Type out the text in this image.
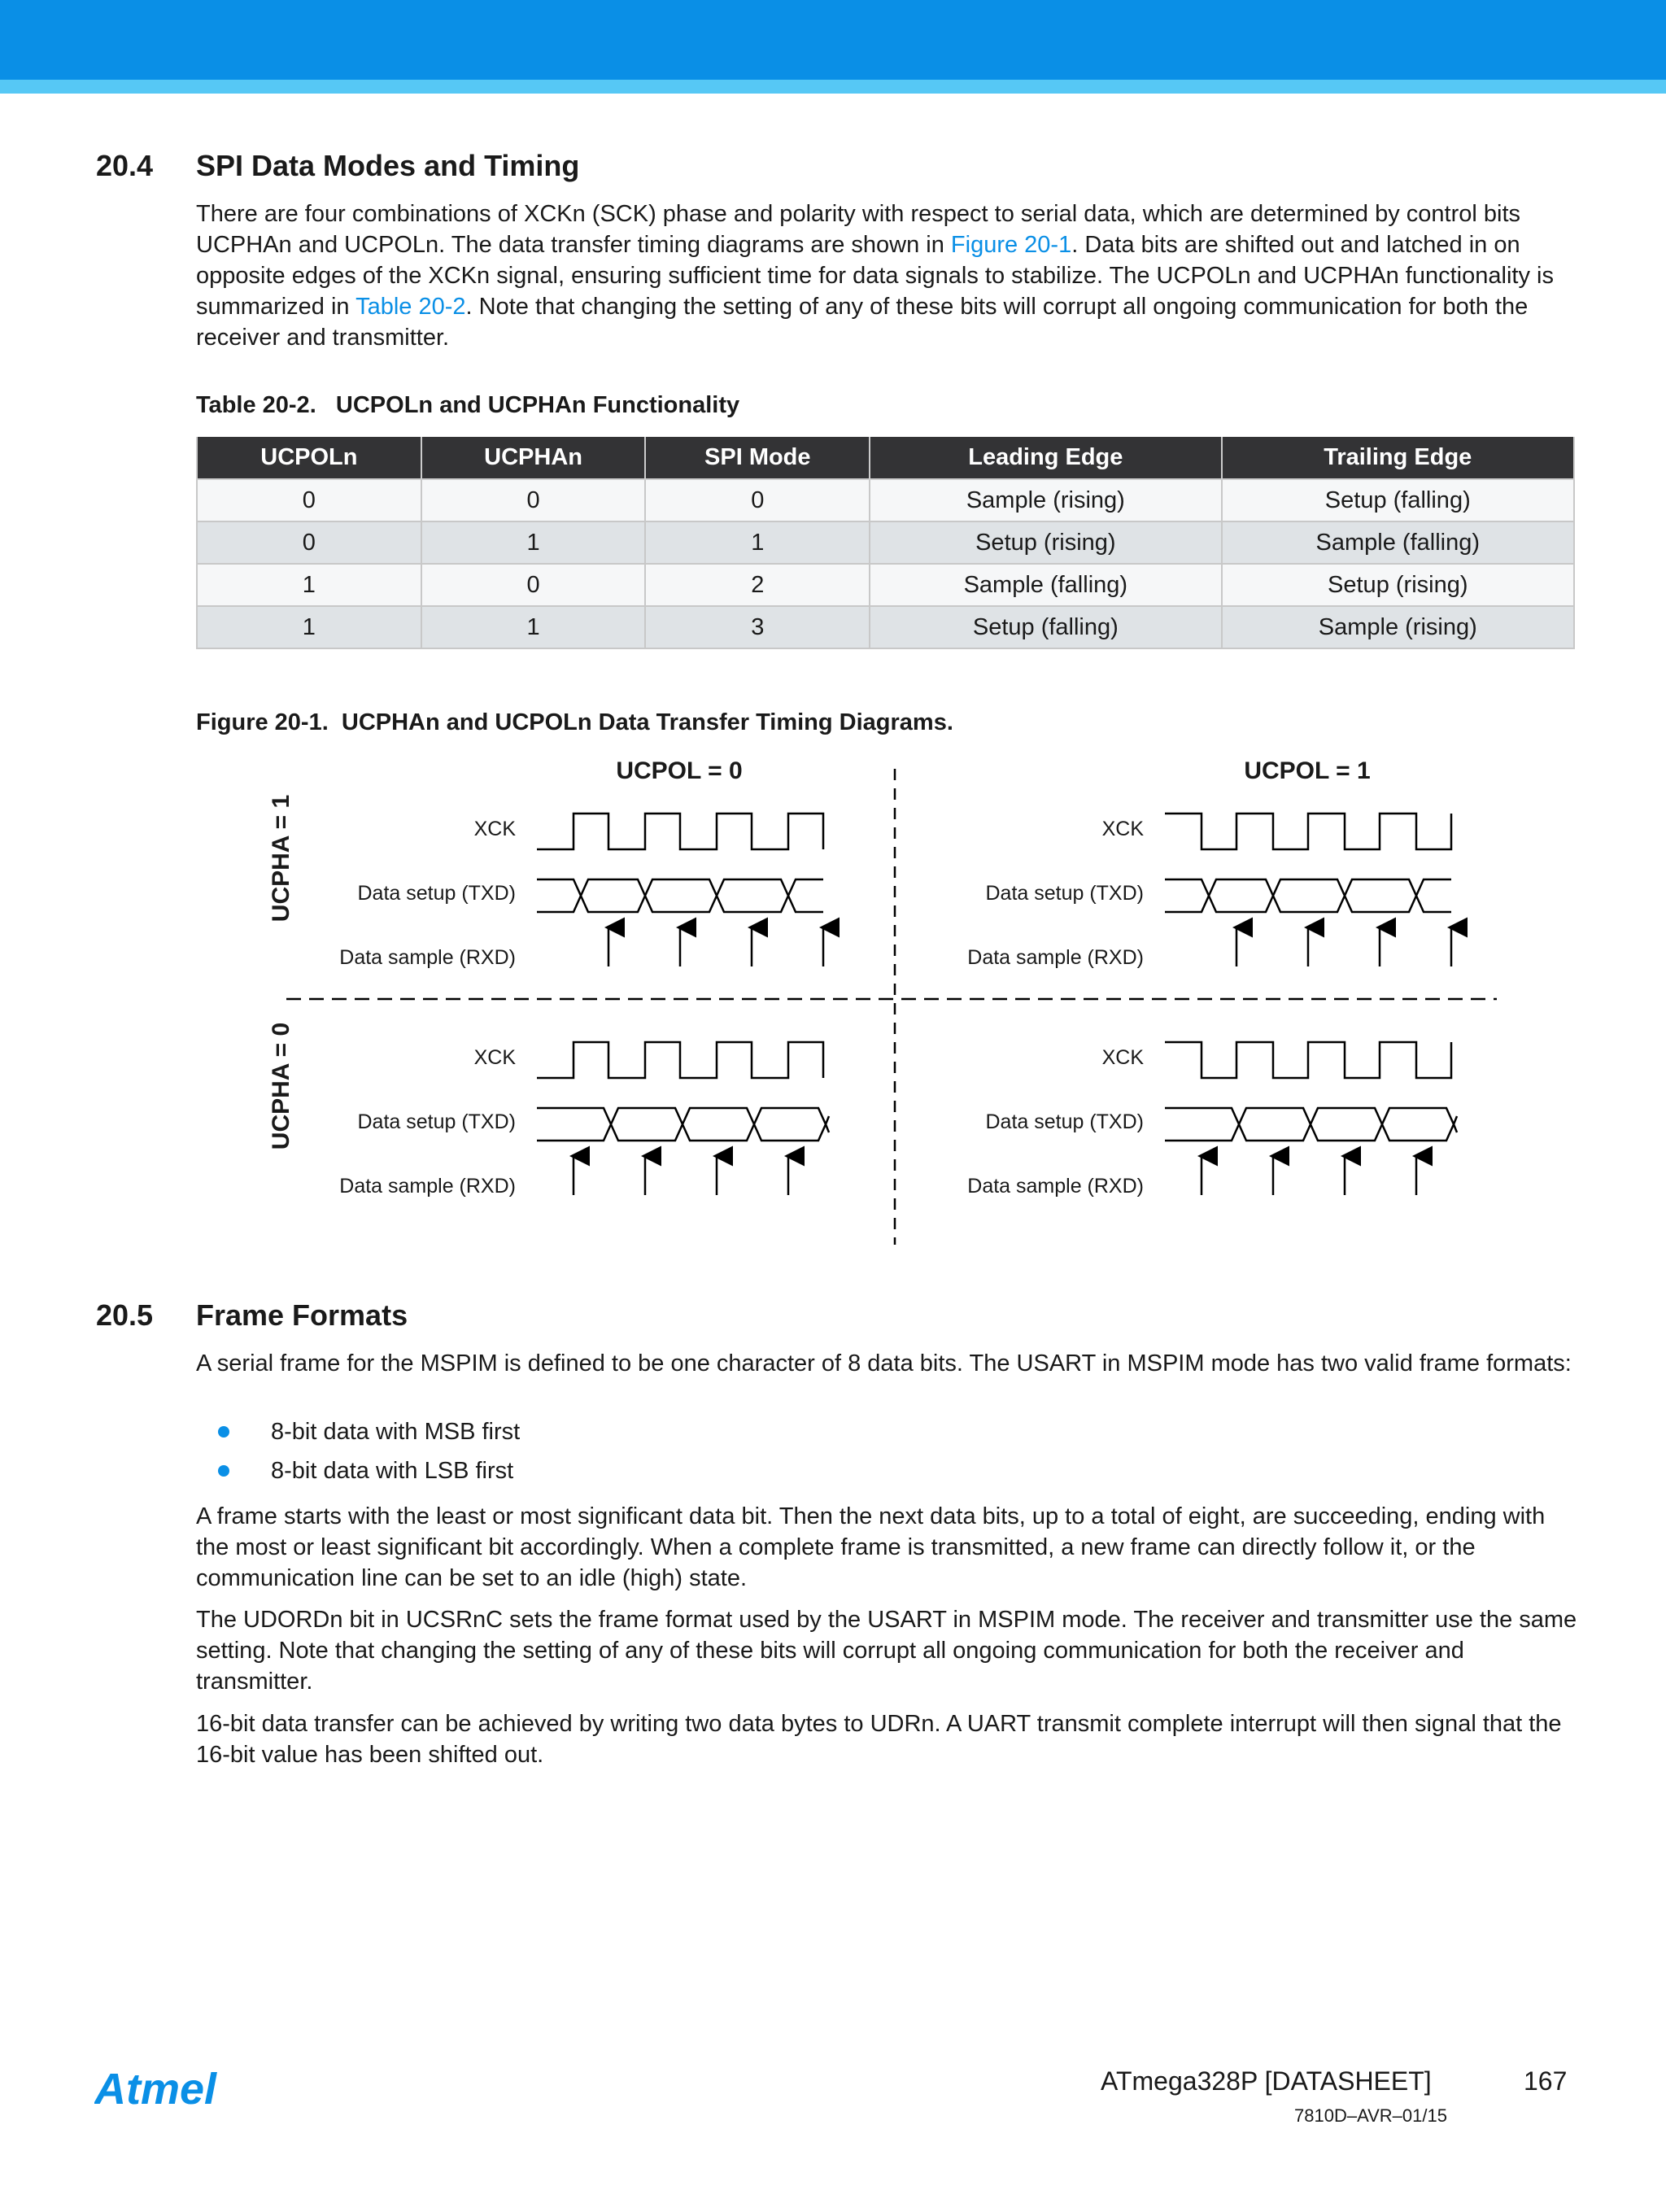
20.4 SPI Data Modes and Timing

There are four combinations of XCKn (SCK) phase and polarity with respect to serial data, which are determined by control bits UCPHAn and UCPOLn. The data transfer timing diagrams are shown in Figure 20-1. Data bits are shifted out and latched in on opposite edges of the XCKn signal, ensuring sufficient time for data signals to stabilize. The UCPOLn and UCPHAn functionality is summarized in Table 20-2. Note that changing the setting of any of these bits will corrupt all ongoing communication for both the receiver and transmitter.

Table 20-2.   UCPOLn and UCPHAn Functionality
UCPOLn	UCPHAn	SPI Mode	Leading Edge	Trailing Edge
0	0	0	Sample (rising)	Setup (falling)
0	1	1	Setup (rising)	Sample (falling)
1	0	2	Sample (falling)	Setup (rising)
1	1	3	Setup (falling)	Sample (rising)
Figure 20-1.  UCPHAn and UCPOLn Data Transfer Timing Diagrams.
UCPOL = 0	UCPOL = 1
UCPHA = 1
UCPHA = 0
XCK
Data setup (TXD)
Data sample (RXD)
XCK
Data setup (TXD)
Data sample (RXD)
XCK
Data setup (TXD)
Data sample (RXD)
XCK
Data setup (TXD)
Data sample (RXD)
20.5 Frame Formats

A serial frame for the MSPIM is defined to be one character of 8 data bits. The USART in MSPIM mode has two valid frame formats:

8-bit data with MSB first
8-bit data with LSB first

A frame starts with the least or most significant data bit. Then the next data bits, up to a total of eight, are succeeding, ending with the most or least significant bit accordingly. When a complete frame is transmitted, a new frame can directly follow it, or the communication line can be set to an idle (high) state.

The UDORDn bit in UCSRnC sets the frame format used by the USART in MSPIM mode. The receiver and transmitter use the same setting. Note that changing the setting of any of these bits will corrupt all ongoing communication for both the receiver and transmitter.

16-bit data transfer can be achieved by writing two data bytes to UDRn. A UART transmit complete interrupt will then signal that the 16-bit value has been shifted out.

Atmel	ATmega328P [DATASHEET]	167
7810D–AVR–01/15
